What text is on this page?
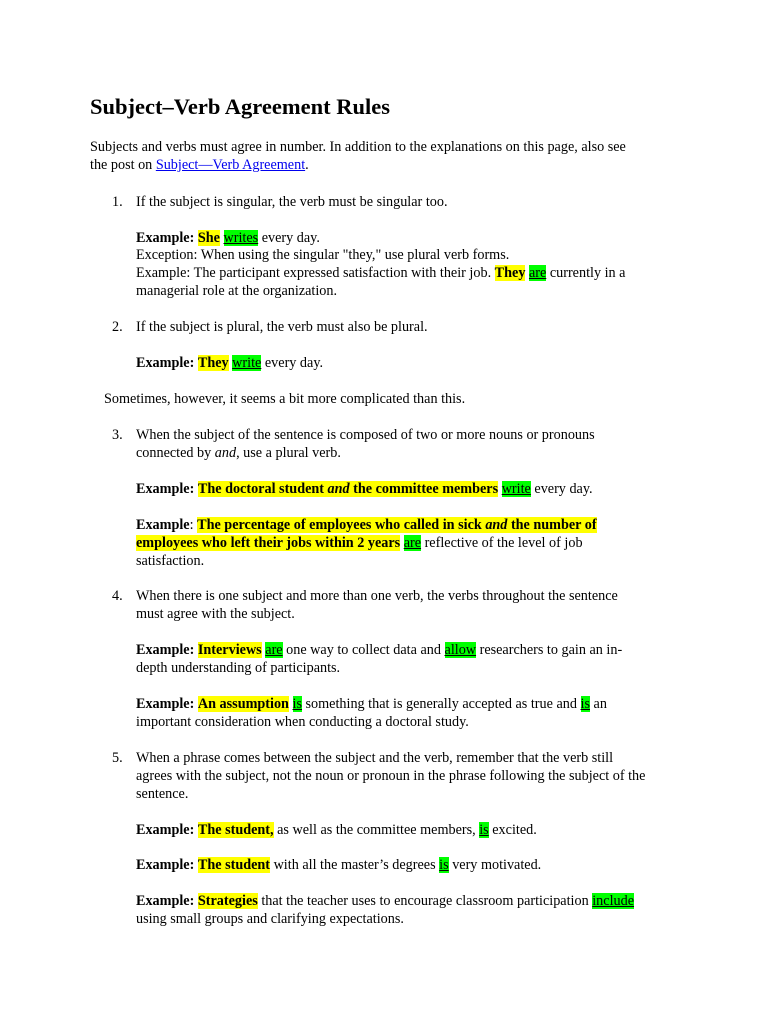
Subject–Verb Agreement Rules
Subjects and verbs must agree in number. In addition to the explanations on this page, also see
the post on Subject—Verb Agreement.
1. If the subject is singular, the verb must be singular too.
Example: She writes every day.
Exception: When using the singular "they," use plural verb forms.
Example: The participant expressed satisfaction with their job. They are currently in a
managerial role at the organization.
2. If the subject is plural, the verb must also be plural.
Example: They write every day.
Sometimes, however, it seems a bit more complicated than this.
3. When the subject of the sentence is composed of two or more nouns or pronouns
connected by and, use a plural verb.
Example: The doctoral student and the committee members write every day.
Example: The percentage of employees who called in sick and the number of
employees who left their jobs within 2 years are reflective of the level of job
satisfaction.
4. When there is one subject and more than one verb, the verbs throughout the sentence
must agree with the subject.
Example: Interviews are one way to collect data and allow researchers to gain an in-
depth understanding of participants.
Example: An assumption is something that is generally accepted as true and is an
important consideration when conducting a doctoral study.
5. When a phrase comes between the subject and the verb, remember that the verb still
agrees with the subject, not the noun or pronoun in the phrase following the subject of the
sentence.
Example: The student, as well as the committee members, is excited.
Example: The student with all the master’s degrees is very motivated.
Example: Strategies that the teacher uses to encourage classroom participation include
using small groups and clarifying expectations.
